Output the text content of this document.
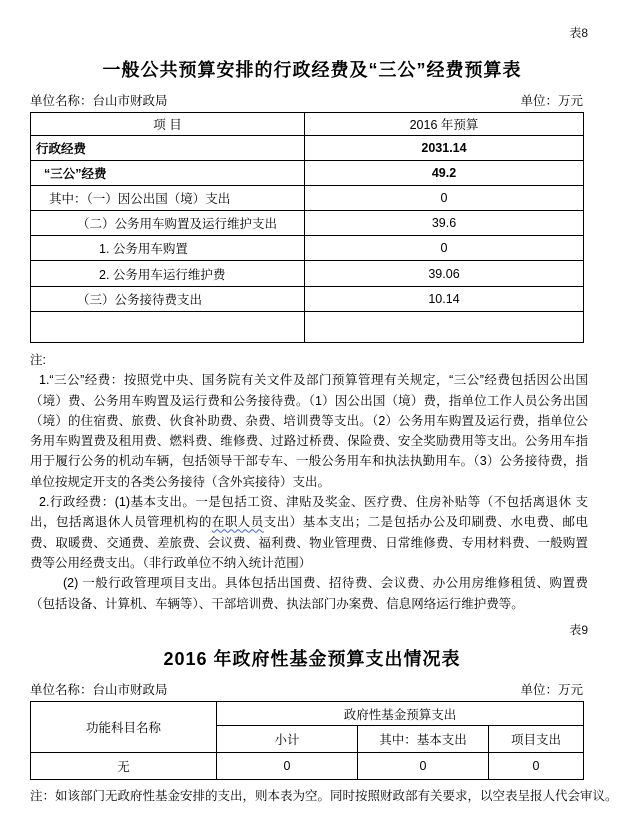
表8
一般公共预算安排的行政经费及“三公”经费预算表
单位名称：台山市财政局	单位：万元
项 目	2016 年预算
行政经费	2031.14
“三公”经费	49.2
其中：（一）因公出国（境）支出	0
（二）公务用车购置及运行维护支出	39.6
1. 公务用车购置	0
2. 公务用车运行维护费	39.06
（三）公务接待费支出	10.14

注:

1.“三公”经费：按照党中央、国务院有关文件及部门预算管理有关规定，“三公”经费包括因公出国（境）费、公务用车购置及运行费和公务接待费。（1）因公出国（境）费，指单位工作人员公务出国（境）的住宿费、旅费、伙食补助费、杂费、培训费等支出。（2）公务用车购置及运行费，指单位公务用车购置费及租用费、燃料费、维修费、过路过桥费、保险费、安全奖励费用等支出。公务用车指用于履行公务的机动车辆，包括领导干部专车、一般公务用车和执法执勤用车。（3）公务接待费，指单位按规定开支的各类公务接待（含外宾接待）支出。

2.行政经费：(1)基本支出。一是包括工资、津贴及奖金、医疗费、住房补贴等（不包括离退休 支出，包括离退休人员管理机构的在职人员支出）基本支出；二是包括办公及印刷费、水电费、邮电费、取暖费、交通费、差旅费、会议费、福利费、物业管理费、日常维修费、专用材料费、一般购置费等公用经费支出。（非行政单位不纳入统计范围）

(2) 一般行政管理项目支出。具体包括出国费、招待费、会议费、办公用房维修租赁、购置费（包括设备、计算机、车辆等）、干部培训费、执法部门办案费、信息网络运行维护费等。

表9
2016 年政府性基金预算支出情况表
单位名称：台山市财政局	单位：万元
功能科目名称	政府性基金预算支出		
	小计	其中：基本支出	项目支出
无	0	0	0
注：如该部门无政府性基金安排的支出，则本表为空。同时按照财政部有关要求，以空表呈报人代会审议。
